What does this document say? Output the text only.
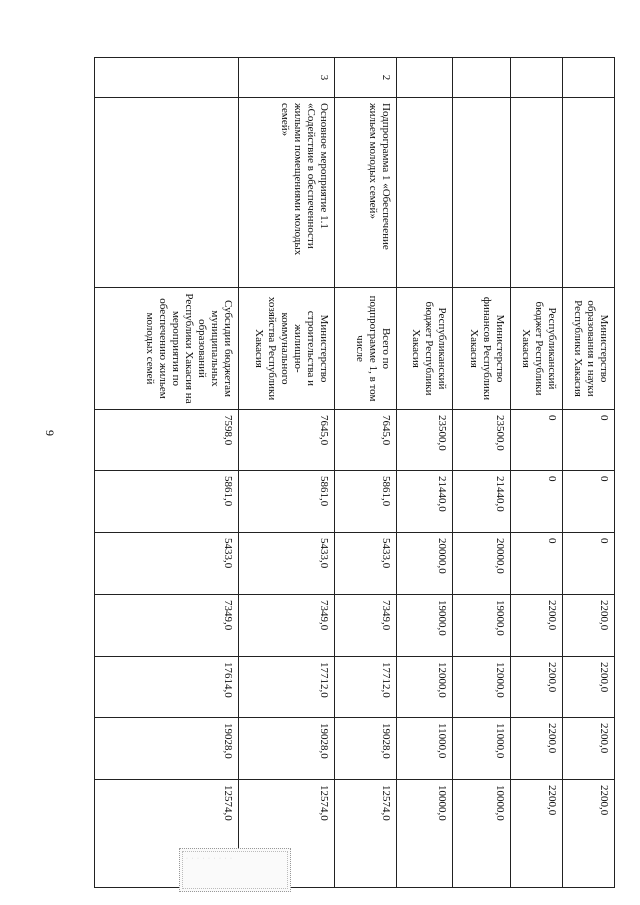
9
		Министерство образования и науки Республики Хакасия	0	0	0	2200,0	2200,0	2200,0	2200,0
		Республиканский бюджет Республики Хакасия	0	0	0	2200,0	2200,0	2200,0	2200,0
		Министерство финансов Республики Хакасия	23500,0	21440,0	20000,0	19000,0	12000,0	11000,0	10000,0
		Республиканский бюджет Республики Хакасия	23500,0	21440,0	20000,0	19000,0	12000,0	11000,0	10000,0
2	Подпрограмма 1 «Обеспечение жильем молодых семей»	Всего по подпрограмме 1, в том числе	7645,0	5861,0	5433,0	7349,0	17712,0	19028,0	12574,0
3	Основное мероприятие 1.1 «Содействие в обеспеченности жилыми помещениями молодых семей»	Министерство строительства и жилищно-коммунального хозяйства Республики Хакасия	7645,0	5861,0	5433,0	7349,0	17712,0	19028,0	12574,0
		Субсидии бюджетам муниципальных образований Республики Хакасия на мероприятия по обеспечению жильем молодых семей	7598,0	5861,0	5433,0	7349,0	17614,0	19028,0	12574,0
· · · · · · · · ·
